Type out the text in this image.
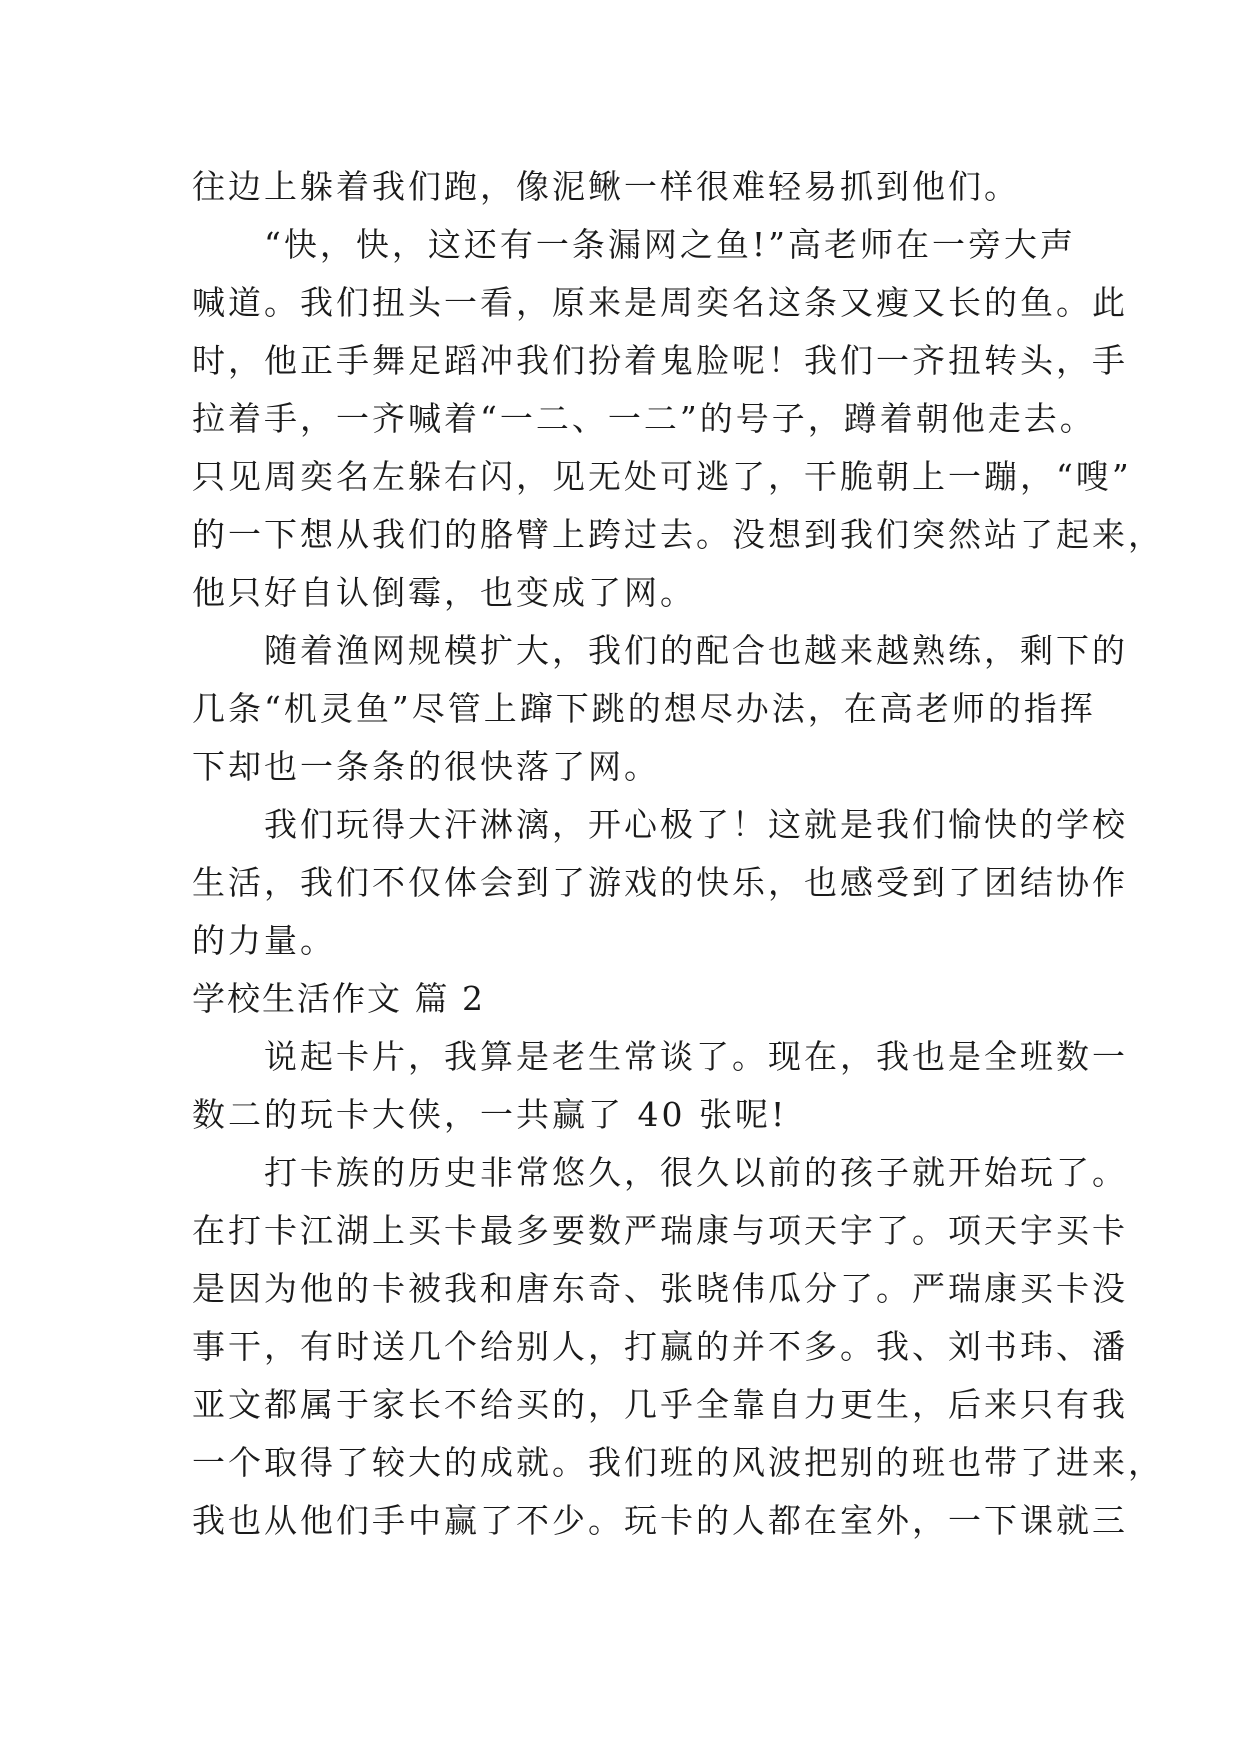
往边上躲着我们跑，像泥鳅一样很难轻易抓到他们。
　　“快，快，这还有一条漏网之鱼!”高老师在一旁大声
喊道。我们扭头一看，原来是周奕名这条又瘦又长的鱼。此
时，他正手舞足蹈冲我们扮着鬼脸呢！我们一齐扭转头，手
拉着手，一齐喊着“一二、一二”的号子，蹲着朝他走去。
只见周奕名左躲右闪，见无处可逃了，干脆朝上一蹦，“嗖”
的一下想从我们的胳臂上跨过去。没想到我们突然站了起来，
他只好自认倒霉，也变成了网。
　　随着渔网规模扩大，我们的配合也越来越熟练，剩下的
几条“机灵鱼”尽管上蹿下跳的想尽办法，在高老师的指挥
下却也一条条的很快落了网。
　　我们玩得大汗淋漓，开心极了！这就是我们愉快的学校
生活，我们不仅体会到了游戏的快乐，也感受到了团结协作
的力量。
学校生活作文 篇 2
　　说起卡片，我算是老生常谈了。现在，我也是全班数一
数二的玩卡大侠，一共赢了 40 张呢!
　　打卡族的历史非常悠久，很久以前的孩子就开始玩了。
在打卡江湖上买卡最多要数严瑞康与项天宇了。项天宇买卡
是因为他的卡被我和唐东奇、张晓伟瓜分了。严瑞康买卡没
事干，有时送几个给别人，打赢的并不多。我、刘书玮、潘
亚文都属于家长不给买的，几乎全靠自力更生，后来只有我
一个取得了较大的成就。我们班的风波把别的班也带了进来，
我也从他们手中赢了不少。玩卡的人都在室外，一下课就三
